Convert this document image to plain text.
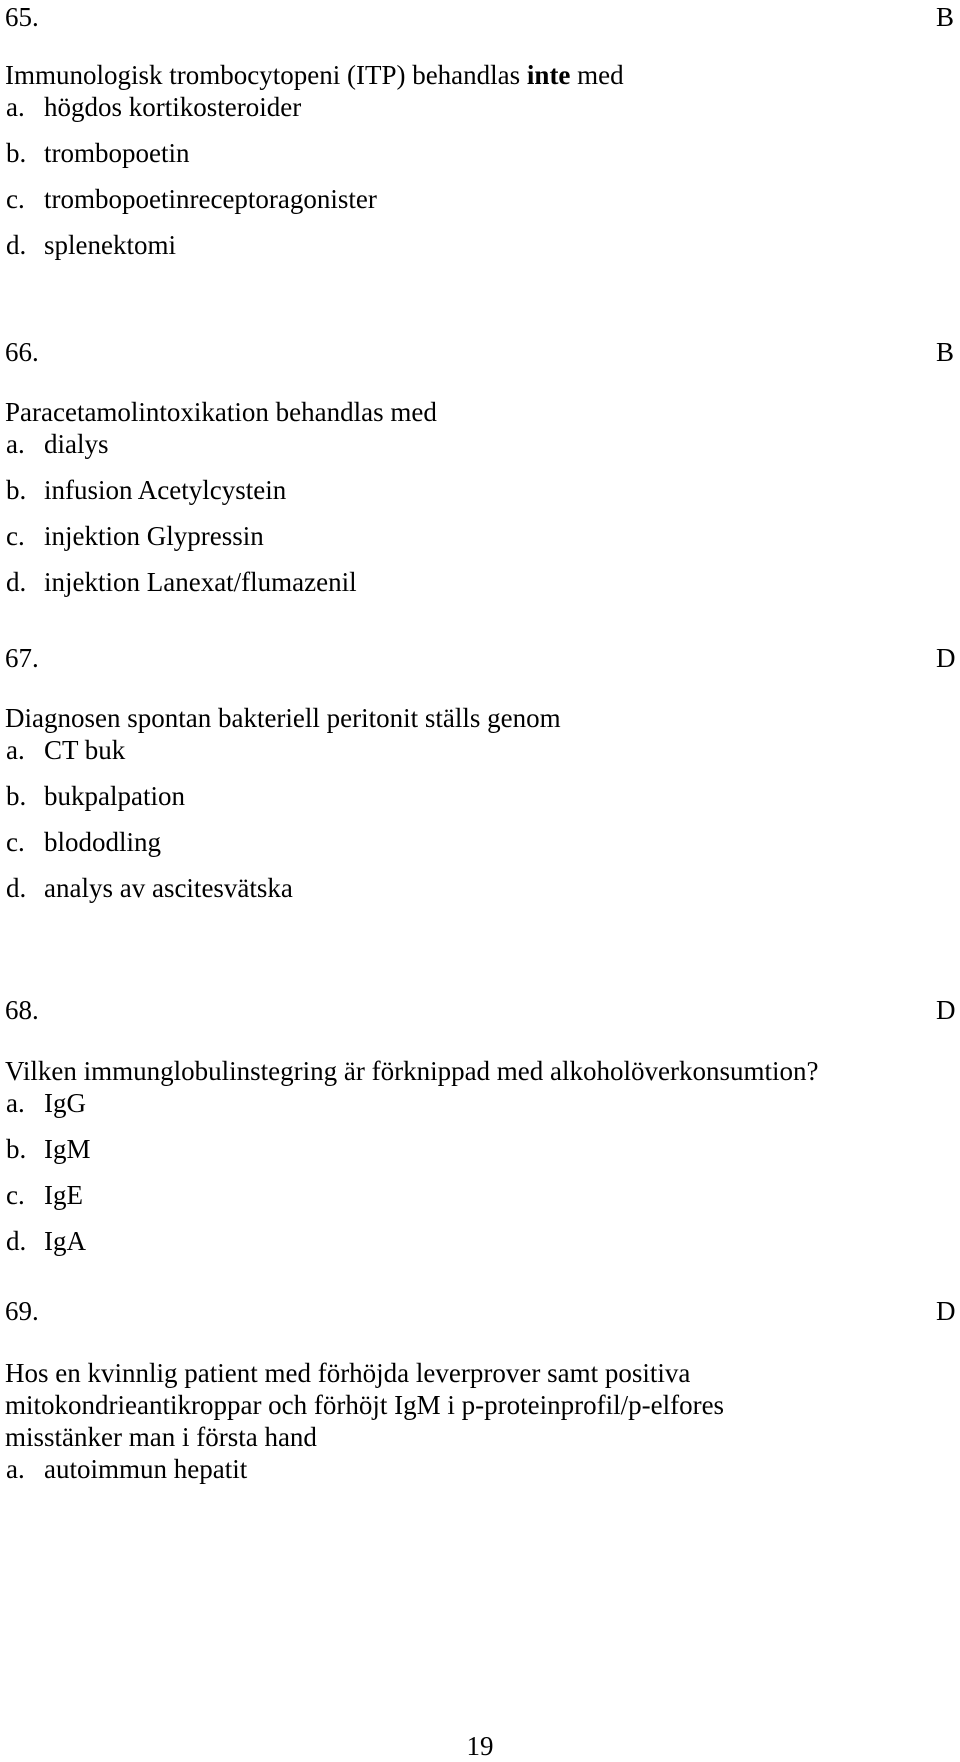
65.	B
Immunologisk trombocytopeni (ITP) behandlas inte med
a. högdos kortikosteroider
b. trombopoetin
c. trombopoetinreceptoragonister
d. splenektomi
66.	B
Paracetamolintoxikation behandlas med
a. dialys
b. infusion Acetylcystein
c. injektion Glypressin
d. injektion Lanexat/flumazenil
67.	D
Diagnosen spontan bakteriell peritonit ställs genom
a. CT buk
b. bukpalpation
c. blododling
d. analys av ascitesvätska
68.	D
Vilken immunglobulinstegring är förknippad med alkoholöverkonsumtion?
a. IgG
b. IgM
c. IgE
d. IgA
69.	D
Hos en kvinnlig patient med förhöjda leverprover samt positiva
mitokondrieantikroppar och förhöjt IgM i p-proteinprofil/p-elfores
misstänker man i första hand
a. autoimmun hepatit
19
